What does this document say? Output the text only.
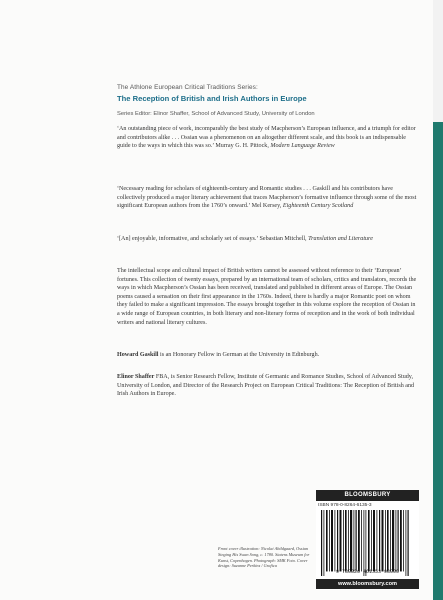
The Athlone European Critical Traditions Series:
The Reception of British and Irish Authors in Europe
Series Editor: Elinor Shaffer, School of Advanced Study, University of London

‘An outstanding piece of work, incomparably the best study of Macpherson’s European influence, and a triumph for editor and contributors alike . . . Ossian was a phenomenon on an altogether different scale, and this book is an indispensable guide to the ways in which this was so.’ Murray G. H. Pittock, Modern Language Review

‘Necessary reading for scholars of eighteenth-century and Romantic studies . . . Gaskill and his contributors have collectively produced a major literary achievement that traces Macpherson’s formative influence through some of the most significant European authors from the 1760’s onward.’ Mel Kersey, Eighteenth Century Scotland

‘[An] enjoyable, informative, and scholarly set of essays.’ Sebastian Mitchell, Translation and Literature

The intellectual scope and cultural impact of British writers cannot be assessed without reference to their ‘European’ fortunes. This collection of twenty essays, prepared by an international team of scholars, critics and translators, records the ways in which Macpherson’s Ossian has been received, translated and published in different areas of Europe. The Ossian poems caused a sensation on their first appearance in the 1760s. Indeed, there is hardly a major Romantic poet on whom they failed to make a significant impression. The essays brought together in this volume explore the reception of Ossian in a wide range of European countries, in both literary and non-literary forms of reception and in the work of both individual writers and national literary cultures.

Howard Gaskill is an Honorary Fellow in German at the University in Edinburgh.

Elinor Shaffer FBA, is Senior Research Fellow, Institute of Germanic and Romance Studies, School of Advanced Study, University of London, and Director of the Research Project on European Critical Traditions: The Reception of British and Irish Authors in Europe.

Front cover illustration: Nicolai Abildgaard, Ossian Singing His Swan Song, c. 1780. Statens Museum for Kunst, Copenhagen. Photograph: SMK Foto. Cover design: Suzanne Perkins / Grafica

BLOOMSBURY
ISBN 978-0-8264-6135-3
9 780826 461353 98000
www.bloomsbury.com
